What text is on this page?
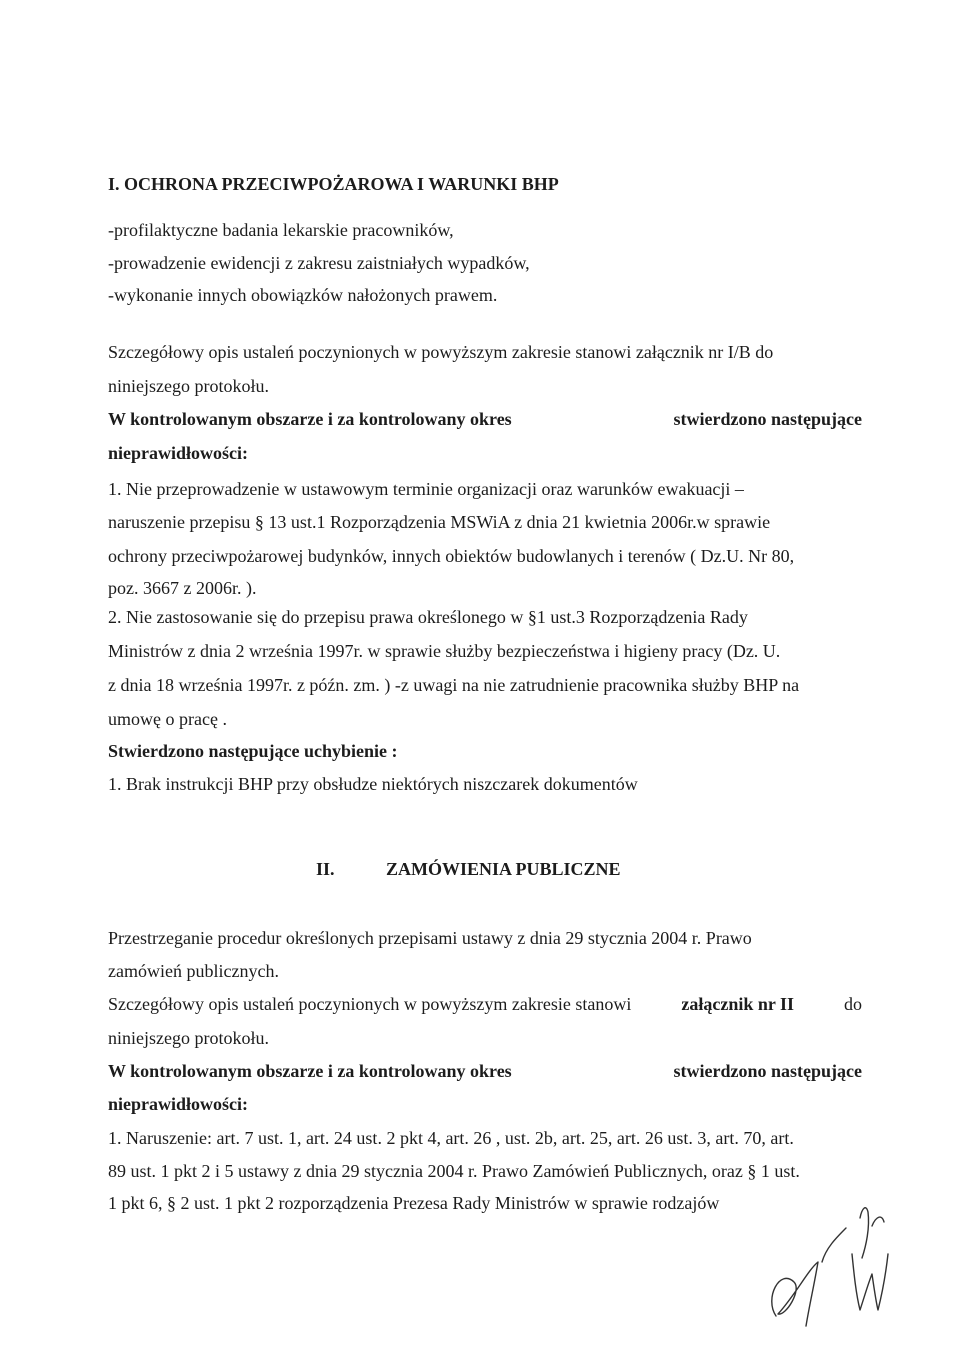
I. OCHRONA PRZECIWPOŻAROWA I WARUNKI BHP

-profilaktyczne badania lekarskie pracowników,

-prowadzenie ewidencji z zakresu zaistniałych wypadków,

-wykonanie innych obowiązków nałożonych prawem.

Szczegółowy opis ustaleń poczynionych w powyższym zakresie stanowi załącznik nr I/B do

niniejszego protokołu.

W kontrolowanym obszarze i za kontrolowany okres	stwierdzono następujące

nieprawidłowości:

1. Nie przeprowadzenie w ustawowym terminie organizacji oraz warunków ewakuacji –

naruszenie przepisu § 13 ust.1 Rozporządzenia MSWiA z dnia 21 kwietnia 2006r.w sprawie

ochrony przeciwpożarowej budynków, innych obiektów budowlanych i terenów ( Dz.U. Nr 80,

poz. 3667 z 2006r. ).

2. Nie zastosowanie się do przepisu prawa określonego w §1 ust.3 Rozporządzenia Rady

Ministrów z dnia 2 września 1997r. w sprawie służby bezpieczeństwa i higieny pracy (Dz. U.

z dnia 18 września 1997r. z późn. zm. ) -z uwagi na nie zatrudnienie pracownika służby BHP na

umowę o pracę .

Stwierdzono następujące uchybienie :

1. Brak instrukcji BHP przy obsłudze niektórych niszczarek dokumentów

II.	ZAMÓWIENIA PUBLICZNE

Przestrzeganie procedur określonych przepisami ustawy z dnia 29 stycznia 2004 r. Prawo

zamówień publicznych.

Szczegółowy opis ustaleń poczynionych w powyższym zakresie stanowi	załącznik nr II	do

niniejszego protokołu.

W kontrolowanym obszarze i za kontrolowany okres	stwierdzono następujące

nieprawidłowości:

1. Naruszenie: art. 7 ust. 1, art. 24 ust. 2 pkt 4, art. 26 , ust. 2b, art. 25, art. 26 ust. 3, art. 70, art.

89 ust. 1 pkt 2 i 5 ustawy z dnia 29 stycznia 2004 r. Prawo Zamówień Publicznych, oraz § 1 ust.

1 pkt 6, § 2 ust. 1 pkt 2 rozporządzenia Prezesa Rady Ministrów w sprawie rodzajów
